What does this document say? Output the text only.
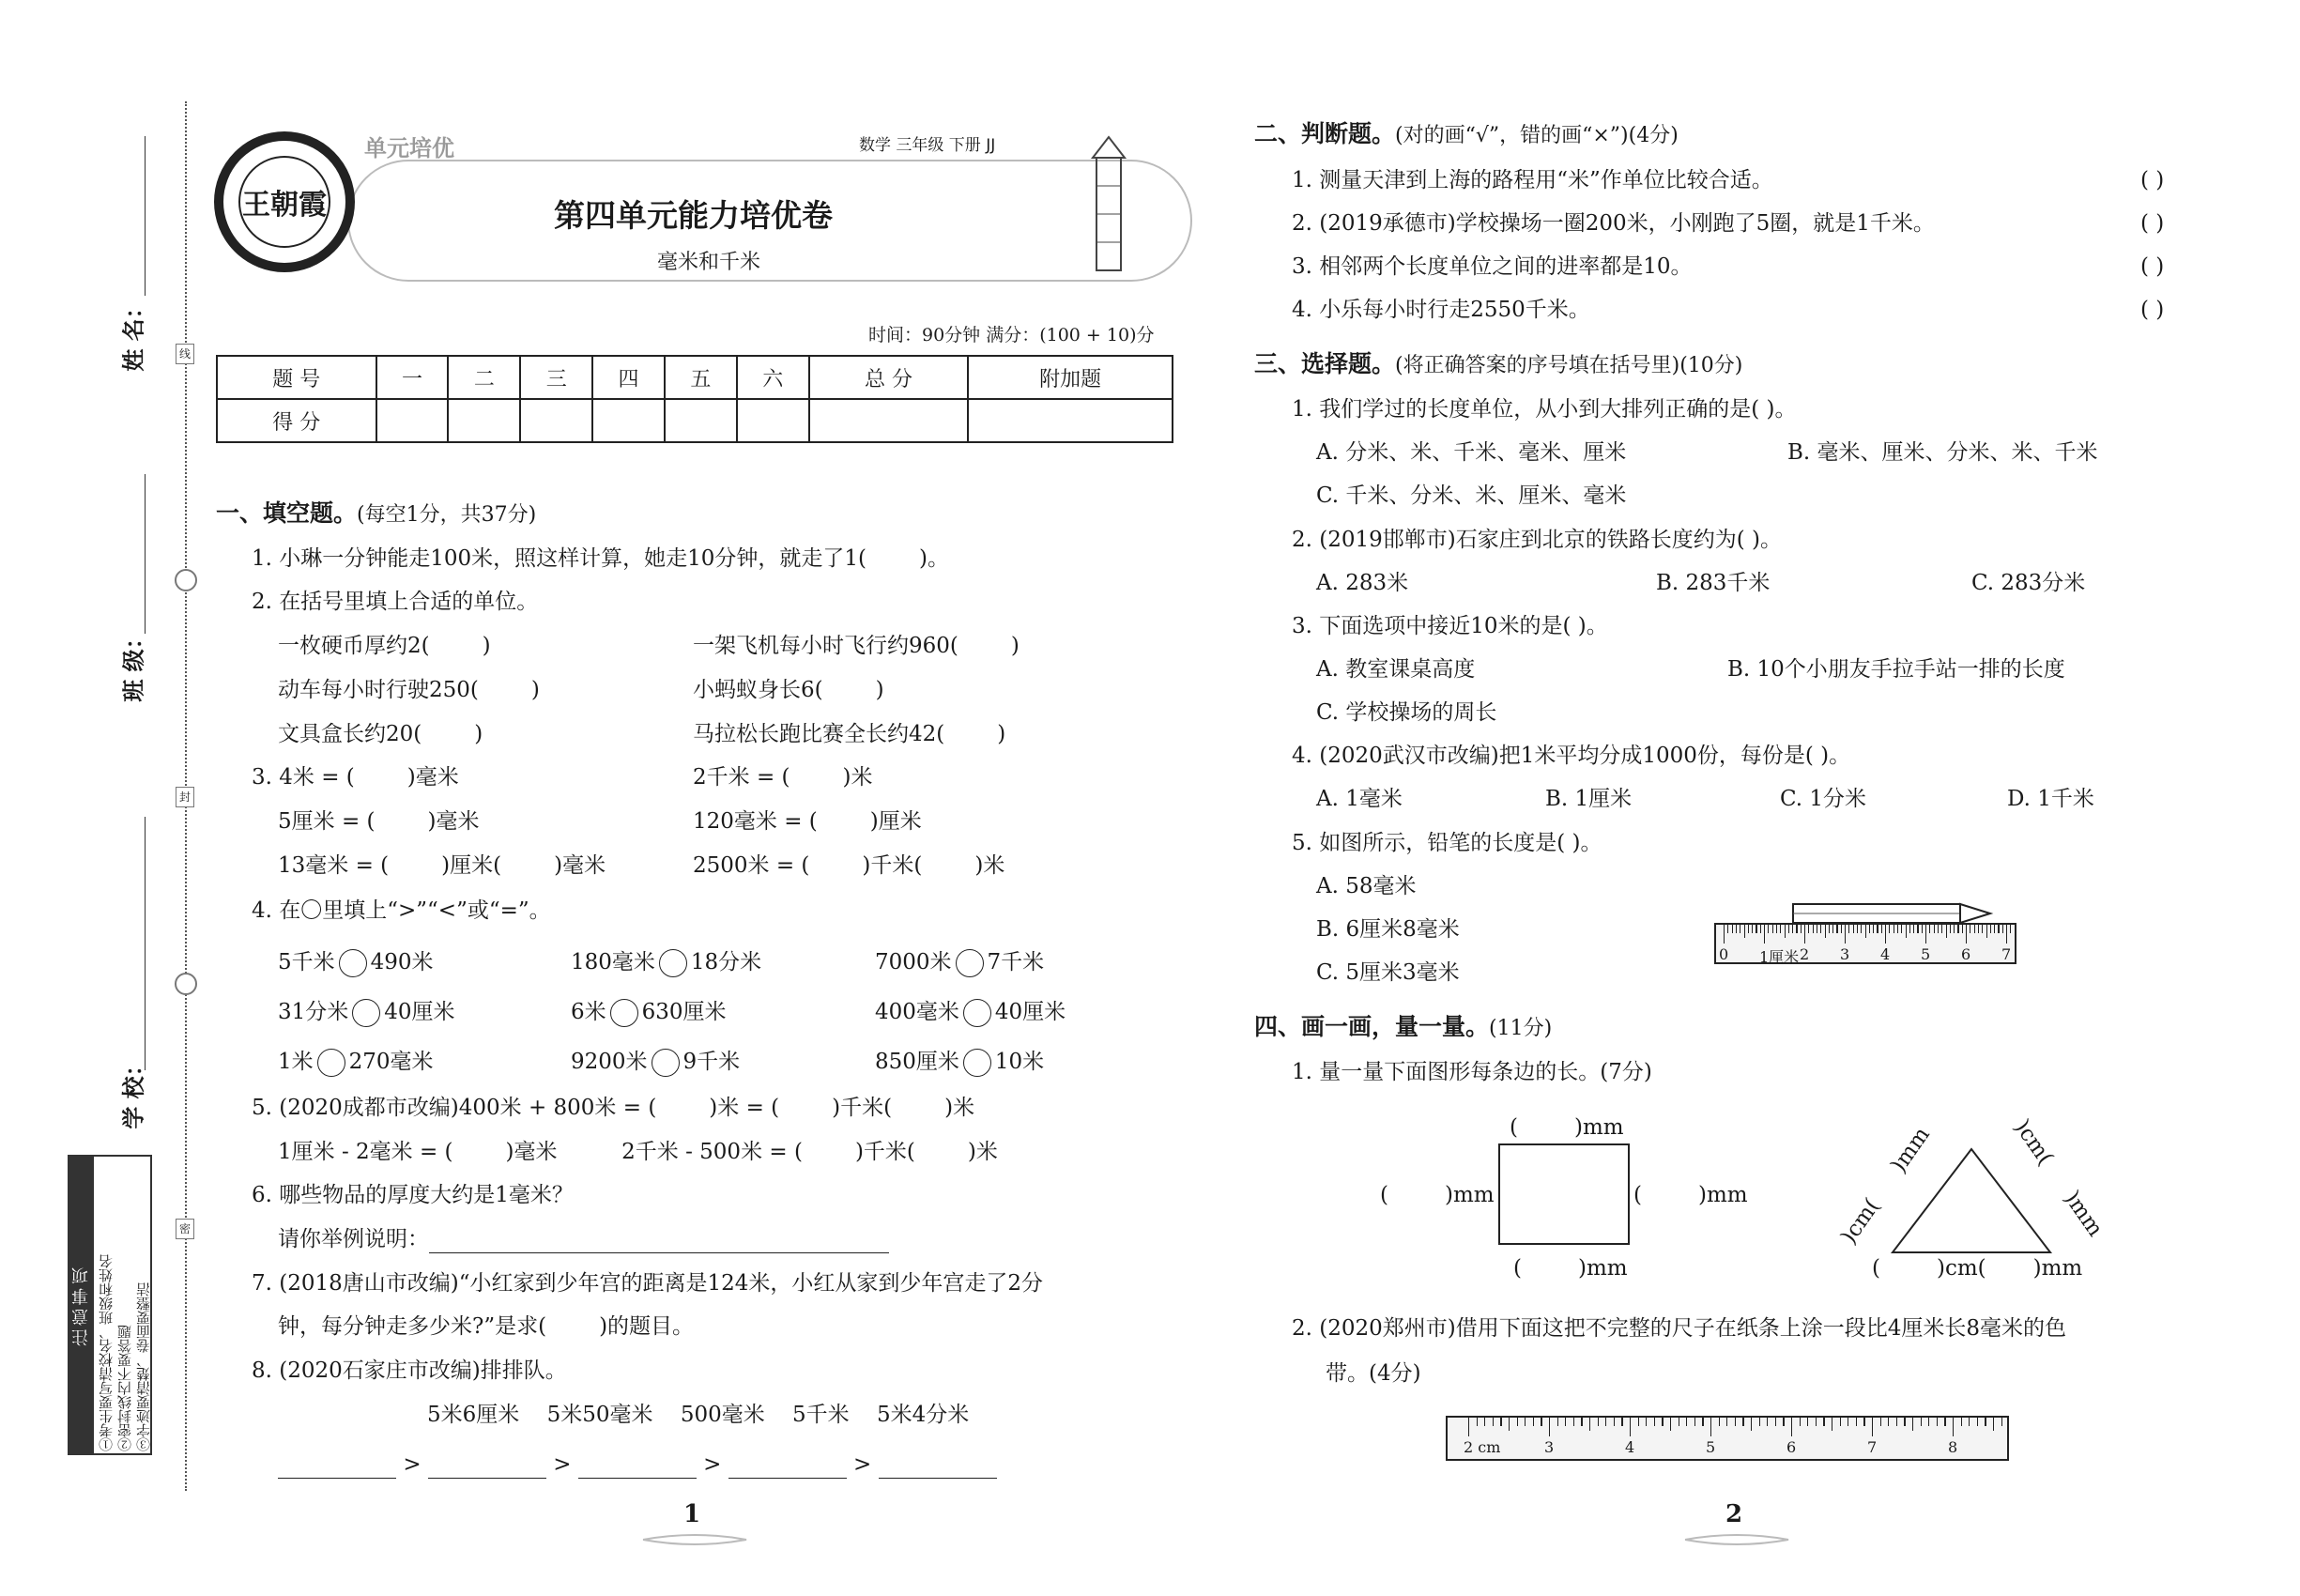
线
封
密
姓 名：
班 级：
学 校：
注意事项 ①考生要写清校名、班级和姓名 ②密封线内不要答题 ③字迹要清楚、卷面要整洁
王朝霞
单元培优	数学 三年级 下册 JJ
第四单元能力培优卷
毫米和千米
时间：90分钟 满分：(100 + 10)分
题 号	一	二	三	四	五	六	总 分	附加题
得 分								
一、填空题。(每空1分，共37分)
1. 小琳一分钟能走100米，照这样计算，她走10分钟，就走了1( )。
2. 在括号里填上合适的单位。
一枚硬币厚约2( )	一架飞机每小时飞行约960( )
动车每小时行驶250( )	小蚂蚁身长6( )
文具盒长约20( )	马拉松长跑比赛全长约42( )
3. 4米 = ( )毫米	2千米 = ( )米
5厘米 = ( )毫米	120毫米 = ( )厘米
13毫米 = ( )厘米( )毫米	2500米 = ( )千米( )米
4. 在〇里填上“>”“<”或“=”。
5千米 490米	180毫米 18分米	7000米 7千米
31分米 40厘米	6米 630厘米	400毫米 40厘米
1米 270毫米	9200米 9千米	850厘米 10米
5. (2020成都市改编)400米 + 800米 = ( )米 = ( )千米( )米
1厘米 - 2毫米 = ( )毫米	2千米 - 500米 = ( )千米( )米
6. 哪些物品的厚度大约是1毫米？
请你举例说明：
7. (2018唐山市改编)“小红家到少年宫的距离是124米，小红从家到少年宫走了2分
钟，每分钟走多少米?”是求( )的题目。
8. (2020石家庄市改编)排排队。
5米6厘米 5米50毫米 500毫米 5千米 5米4分米
>	>	>	>
1
二、判断题。(对的画“√”，错的画“×”)(4分)
1. 测量天津到上海的路程用“米”作单位比较合适。	( )
2. (2019承德市)学校操场一圈200米，小刚跑了5圈，就是1千米。	( )
3. 相邻两个长度单位之间的进率都是10。	( )
4. 小乐每小时行走2550千米。	( )
三、选择题。(将正确答案的序号填在括号里)(10分)
1. 我们学过的长度单位，从小到大排列正确的是( )。
A. 分米、米、千米、毫米、厘米	B. 毫米、厘米、分米、米、千米
C. 千米、分米、米、厘米、毫米
2. (2019邯郸市)石家庄到北京的铁路长度约为( )。
A. 283米	B. 283千米	C. 283分米
3. 下面选项中接近10米的是( )。
A. 教室课桌高度	B. 10个小朋友手拉手站一排的长度
C. 学校操场的周长
4. (2020武汉市改编)把1米平均分成1000份，每份是( )。
A. 1毫米	B. 1厘米	C. 1分米	D. 1千米
5. 如图所示，铅笔的长度是( )。
A. 58毫米
B. 6厘米8毫米
C. 5厘米3毫米
0 1厘米 2 3 4 5 6 7
四、画一画，量一量。(11分)
1. 量一量下面图形每条边的长。(7分)
(	)mm
(	)mm	(	)mm
(	)mm	(	)cm( )mm
)cm()mm	)cm()mm
2. (2020郑州市)借用下面这把不完整的尺子在纸条上涂一段比4厘米长8毫米的色
带。(4分)
2 cm	3	4	5	6	7	8
2
